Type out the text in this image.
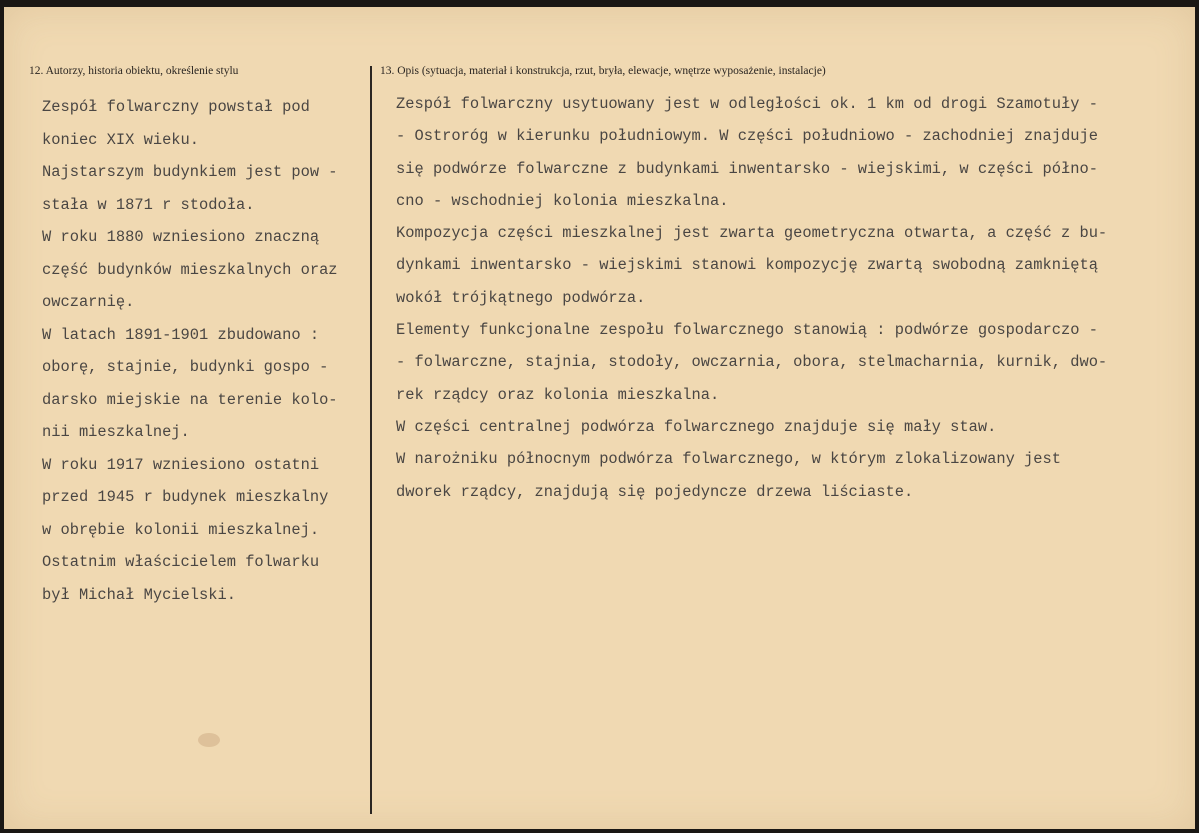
12. Autorzy, historia obiektu, określenie stylu	13. Opis (sytuacja, materiał i konstrukcja, rzut, bryła, elewacje, wnętrze wyposażenie, instalacje)
Zespół folwarczny powstał pod
koniec XIX wieku.
Najstarszym budynkiem jest pow -
stała w 1871 r stodoła.
W roku 1880 wzniesiono znaczną
część budynków mieszkalnych oraz
owczarnię.
W latach 1891-1901 zbudowano :
oborę, stajnie, budynki gospo -
darsko miejskie na terenie kolo-
nii mieszkalnej.
W roku 1917 wzniesiono ostatni
przed 1945 r budynek mieszkalny
w obrębie kolonii mieszkalnej.
Ostatnim właścicielem folwarku
był Michał Mycielski.
Zespół folwarczny usytuowany jest w odległości ok. 1 km od drogi Szamotuły -
- Ostroróg w kierunku południowym. W części południowo - zachodniej znajduje
się podwórze folwarczne z budynkami inwentarsko - wiejskimi, w części półno-
cno - wschodniej kolonia mieszkalna.
Kompozycja części mieszkalnej jest zwarta geometryczna otwarta, a część z bu-
dynkami inwentarsko - wiejskimi stanowi kompozycję zwartą swobodną zamkniętą
wokół trójkątnego podwórza.
Elementy funkcjonalne zespołu folwarcznego stanowią : podwórze gospodarczo -
- folwarczne, stajnia, stodoły, owczarnia, obora, stelmacharnia, kurnik, dwo-
rek rządcy oraz kolonia mieszkalna.
W części centralnej podwórza folwarcznego znajduje się mały staw.
W narożniku północnym podwórza folwarcznego, w którym zlokalizowany jest
dworek rządcy, znajdują się pojedyncze drzewa liściaste.
